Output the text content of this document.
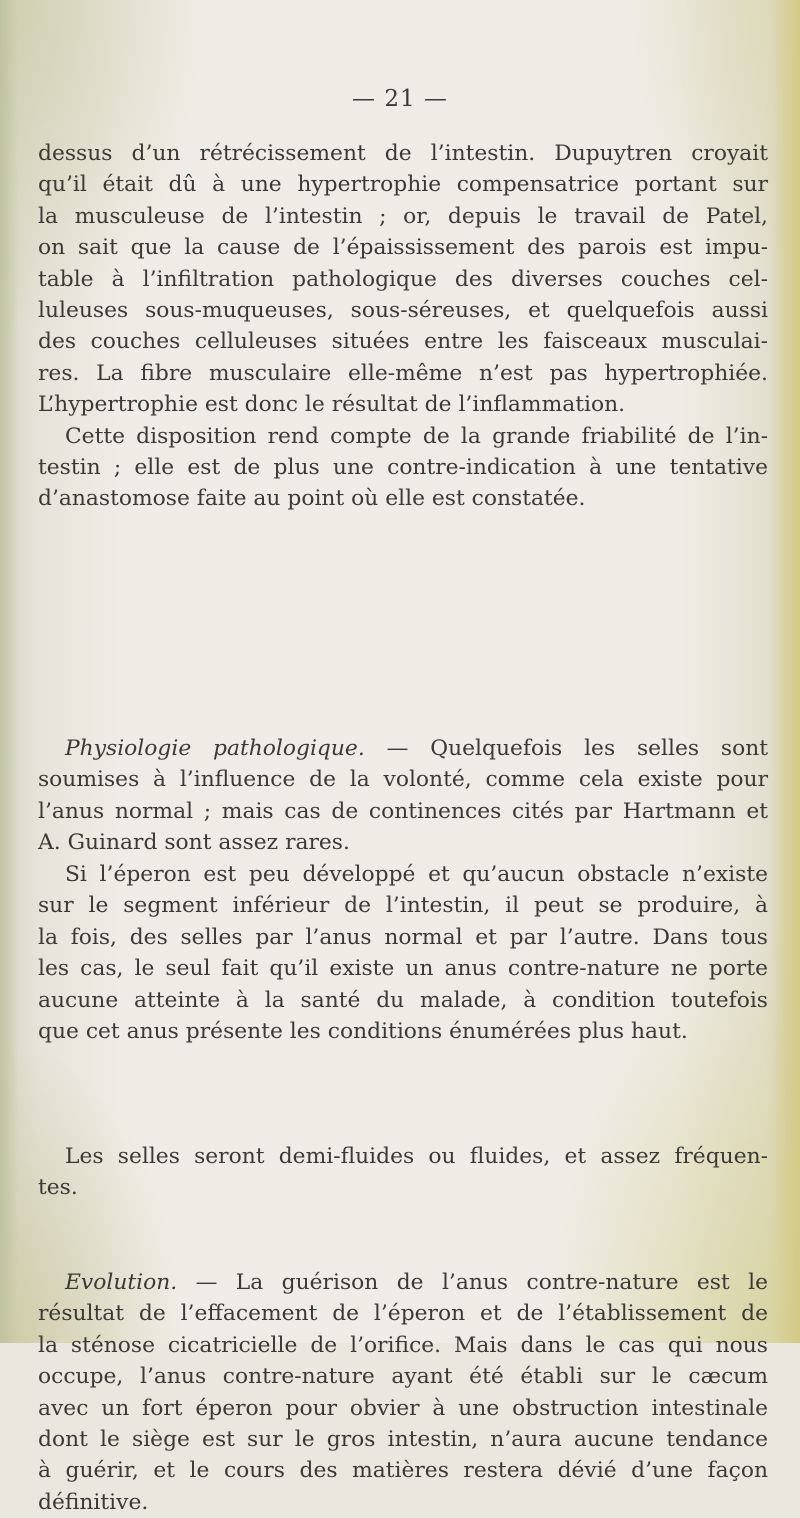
— 21 —

dessus d’un rétrécissement de l’intestin. Dupuytren croyait
qu’il était dû à une hypertrophie compensatrice portant sur
la musculeuse de l’intestin ; or, depuis le travail de Patel,
on sait que la cause de l’épaississement des parois est impu-
table à l’infiltration pathologique des diverses couches cel-
luleuses sous-muqueuses, sous-séreuses, et quelquefois aussi
des couches celluleuses situées entre les faisceaux musculai-
res. La fibre musculaire elle-même n’est pas hypertrophiée.
L’hypertrophie est donc le résultat de l’inflammation.
Cette disposition rend compte de la grande friabilité de l’in-
testin ; elle est de plus une contre-indication à une tentative
d’anastomose faite au point où elle est constatée.

Physiologie pathologique. — Quelquefois les selles sont
soumises à l’influence de la volonté, comme cela existe pour
l’anus normal ; mais cas de continences cités par Hartmann et
A. Guinard sont assez rares.

Si l’éperon est peu développé et qu’aucun obstacle n’existe
sur le segment inférieur de l’intestin, il peut se produire, à
la fois, des selles par l’anus normal et par l’autre. Dans tous
les cas, le seul fait qu’il existe un anus contre-nature ne porte
aucune atteinte à la santé du malade, à condition toutefois
que cet anus présente les conditions énumérées plus haut.

Les selles seront demi-fluides ou fluides, et assez fréquen-
tes.

Evolution. — La guérison de l’anus contre-nature est le
résultat de l’effacement de l’éperon et de l’établissement de
la sténose cicatricielle de l’orifice. Mais dans le cas qui nous
occupe, l’anus contre-nature ayant été établi sur le cæcum
avec un fort éperon pour obvier à une obstruction intestinale
dont le siège est sur le gros intestin, n’aura aucune tendance
à guérir, et le cours des matières restera dévié d’une façon
définitive.
